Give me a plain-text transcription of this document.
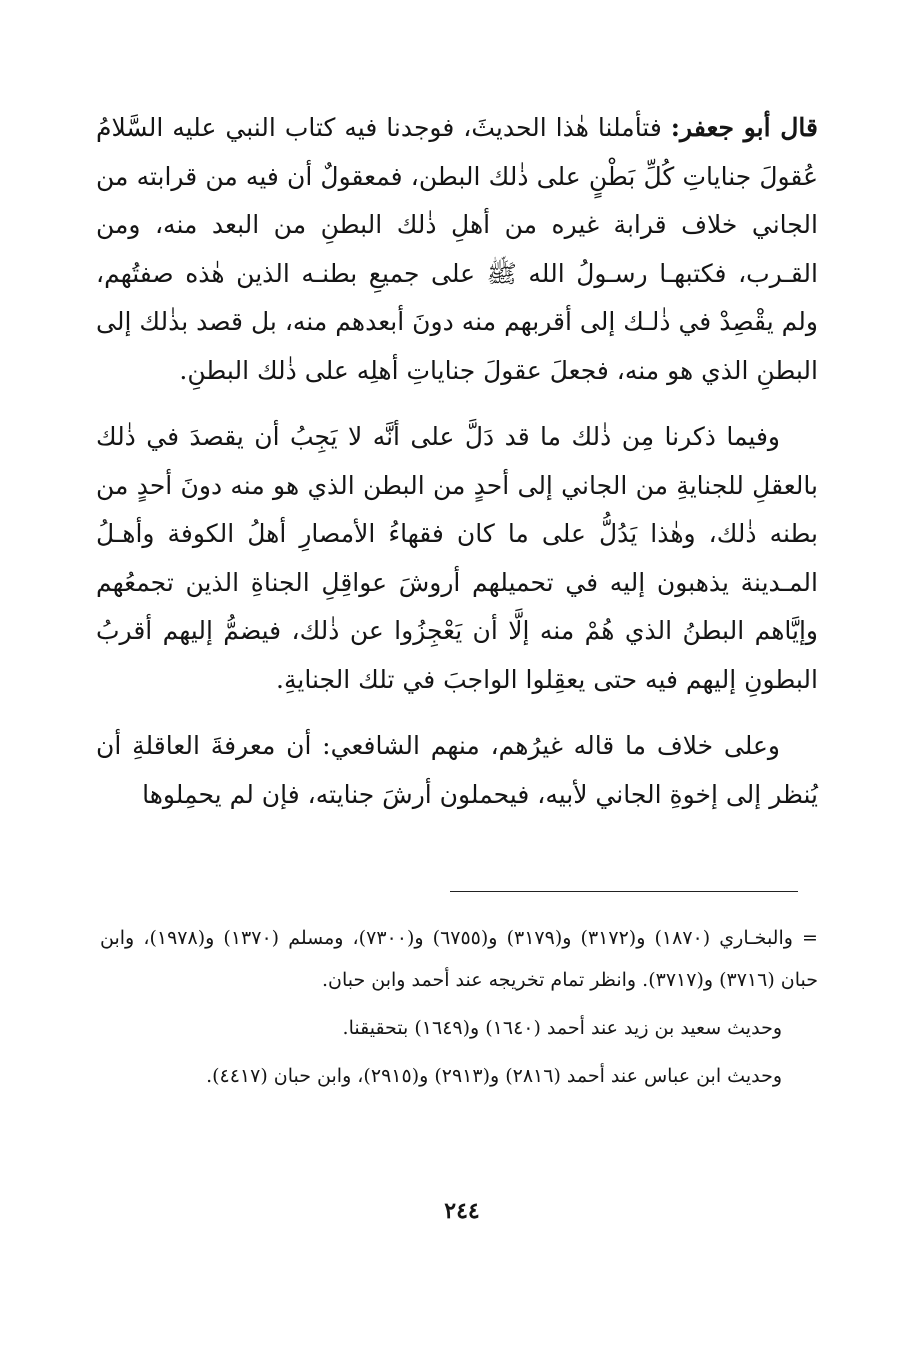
قال أبو جعفر: فتأملنا هٰذا الحديثَ، فوجدنا فيه كتاب النبي عليه السَّلامُ عُقولَ جناياتِ كُلِّ بَطْنٍ على ذٰلك البطن، فمعقولٌ أن فيه من قرابته من الجاني خلاف قرابة غيره من أهلِ ذٰلك البطنِ من البعد منه، ومن القـرب، فكتبهـا رسـولُ الله ﷺ على جميعِ بطنـه الذين هٰذه صفتُهم، ولم يقْصِدْ في ذٰلـك إلى أقربهم منه دونَ أبعدهم منه، بل قصد بذٰلك إلى البطنِ الذي هو منه، فجعلَ عقولَ جناياتِ أهلِه على ذٰلك البطنِ.

وفيما ذكرنا مِن ذٰلك ما قد دَلَّ على أنَّه لا يَجِبُ أن يقصدَ في ذٰلك بالعقلِ للجنايةِ من الجاني إلى أحدٍ من البطن الذي هو منه دونَ أحدٍ من بطنه ذٰلك، وهٰذا يَدُلُّ على ما كان فقهاءُ الأمصارِ أهلُ الكوفة وأهـلُ المـدينة يذهبون إليه في تحميلهم أروشَ عواقِلِ الجناةِ الذين تجمعُهم وإيَّاهم البطنُ الذي هُمْ منه إلَّا أن يَعْجِزُوا عن ذٰلك، فيضمُّ إليهم أقربُ البطونِ إليهم فيه حتى يعقِلوا الواجبَ في تلك الجنايةِ.

وعلى خلاف ما قاله غيرُهم، منهم الشافعي: أن معرفةَ العاقلةِ أن يُنظر إلى إخوةِ الجاني لأبيه، فيحملون أرشَ جنايته، فإن لم يحمِلوها

= والبخـاري (١٨٧٠) و(٣١٧٢) و(٣١٧٩) و(٦٧٥٥) و(٧٣٠٠)، ومسلم (١٣٧٠) و(١٩٧٨)، وابن حبان (٣٧١٦) و(٣٧١٧). وانظر تمام تخريجه عند أحمد وابن حبان.

وحديث سعيد بن زيد عند أحمد (١٦٤٠) و(١٦٤٩) بتحقيقنا.

وحديث ابن عباس عند أحمد (٢٨١٦) و(٢٩١٣) و(٢٩١٥)، وابن حبان (٤٤١٧).

٢٤٤
